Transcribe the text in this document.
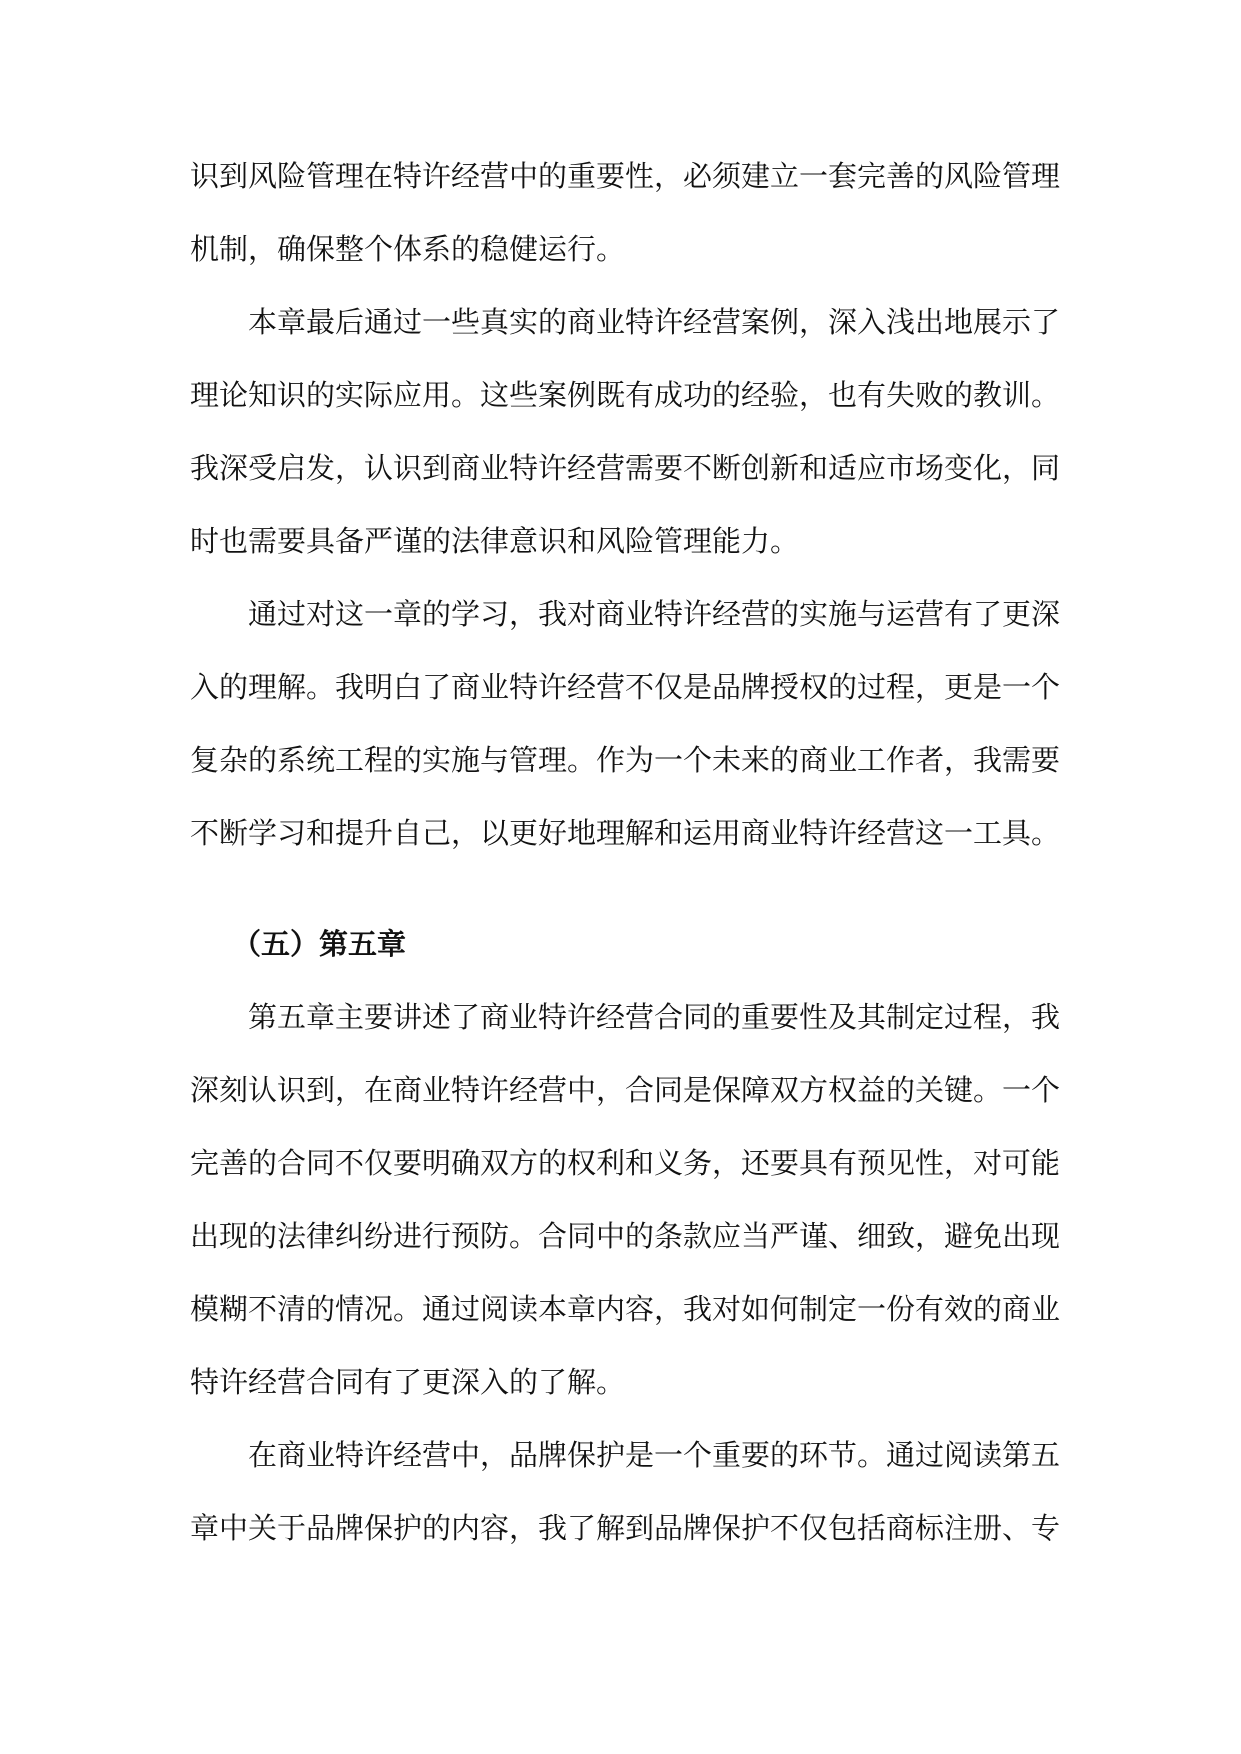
识到风险管理在特许经营中的重要性，必须建立一套完善的风险管理机制，确保整个体系的稳健运行。

本章最后通过一些真实的商业特许经营案例，深入浅出地展示了理论知识的实际应用。这些案例既有成功的经验，也有失败的教训。我深受启发，认识到商业特许经营需要不断创新和适应市场变化，同时也需要具备严谨的法律意识和风险管理能力。

通过对这一章的学习，我对商业特许经营的实施与运营有了更深入的理解。我明白了商业特许经营不仅是品牌授权的过程，更是一个复杂的系统工程的实施与管理。作为一个未来的商业工作者，我需要不断学习和提升自己，以更好地理解和运用商业特许经营这一工具。

（五）第五章

第五章主要讲述了商业特许经营合同的重要性及其制定过程，我深刻认识到，在商业特许经营中，合同是保障双方权益的关键。一个完善的合同不仅要明确双方的权利和义务，还要具有预见性，对可能出现的法律纠纷进行预防。合同中的条款应当严谨、细致，避免出现模糊不清的情况。通过阅读本章内容，我对如何制定一份有效的商业特许经营合同有了更深入的了解。

在商业特许经营中，品牌保护是一个重要的环节。通过阅读第五章中关于品牌保护的内容，我了解到品牌保护不仅包括商标注册、专
